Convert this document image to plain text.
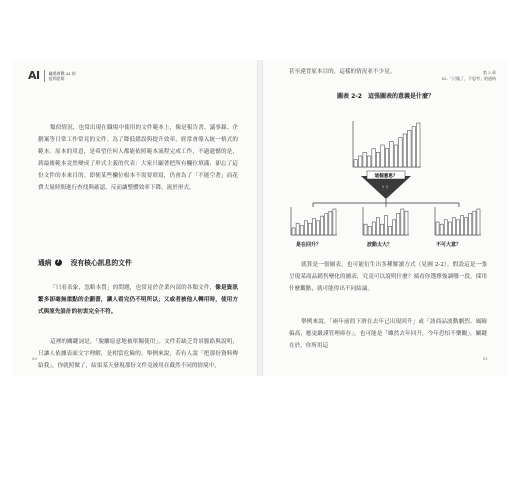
AI	職場實戰 AI 的
提問思維

類似情況，也常出現在職場中使用的文件範本上，像是報告書、議事錄、企劃案等日常工作常見的文件。為了降低錯誤與提升效率，經常會導入統一格式的範本。原本的用意，是希望任何人都能依照範本流程完成工作，不過遺憾的是，到最後範本竟然變成了形式主義的代表：大家只顧著把所有欄位填滿，卻忘了這份文件的本來目的。即便某些欄位根本不需要填寫，仍會為了「不能空著」而花費大量時間進行查找與確認，反而讓整體效率下降，流於形式。

通病 7 沒有核心訊息的文件

「只看表象，忽略本質」的問題，也常見於企業內部的各類文件，像是資訊繁多卻毫無重點的企劃書，讓人看完仍不明所以；又或者被他人轉用時，使用方式與原先設計的初衷完全不符。

這裡的關鍵詞是，「脫離原意地被單獨使用」。文件若缺乏背景脈絡與說明，只讓人依據表面文字理解，是相當危險的。舉例來說，若有人說「把那份資料傳給我」，你就照做了，結果某天發現那份文件竟被用在截然不同的情境中，

80
第 2 章
02.「只做了，不思考」的通病

甚至違背原本目的，這樣的情況並不少見。

圖表 2-2　這張圖表的意義是什麼？
這個意思？
？？
是在回升？	波動太大？	不可大意？

就算是一張圖表，也可能衍生出多種解讀方式（見圖 2-2）。假設這是一張呈現某商品銷售變化的圖表，究竟可以說明什麼？端看你選擇強調哪一段，採用什麼觀點，就可能得出不同結論。

舉例來說，「兩年前的下滑在去年已出現回升」或「該商品波動劇烈、風險偏高，應更嚴謹管理庫存」，也可能是「雖然去年回升，今年恐怕不樂觀」。關鍵在於，你所用這

81
